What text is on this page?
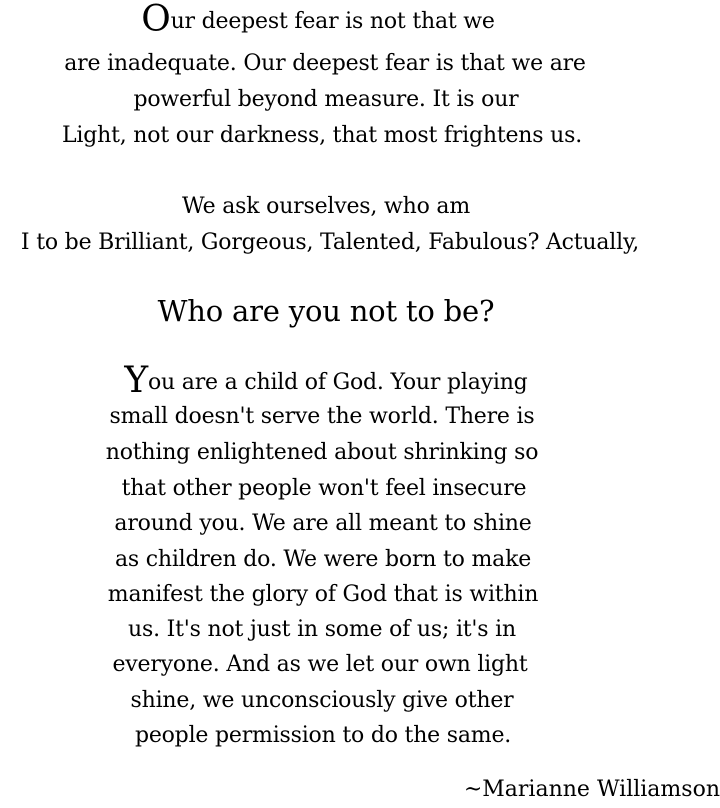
Our deepest fear is not that we
are inadequate. Our deepest fear is that we are
powerful beyond measure. It is our
Light, not our darkness, that most frightens us.
We ask ourselves, who am
I to be Brilliant, Gorgeous, Talented, Fabulous? Actually,
Who are you not to be?
You are a child of God. Your playing
small doesn't serve the world. There is
nothing enlightened about shrinking so
that other people won't feel insecure
around you. We are all meant to shine
as children do. We were born to make
manifest the glory of God that is within
us. It's not just in some of us; it's in
everyone. And as we let our own light
shine, we unconsciously give other
people permission to do the same.
~Marianne Williamson
